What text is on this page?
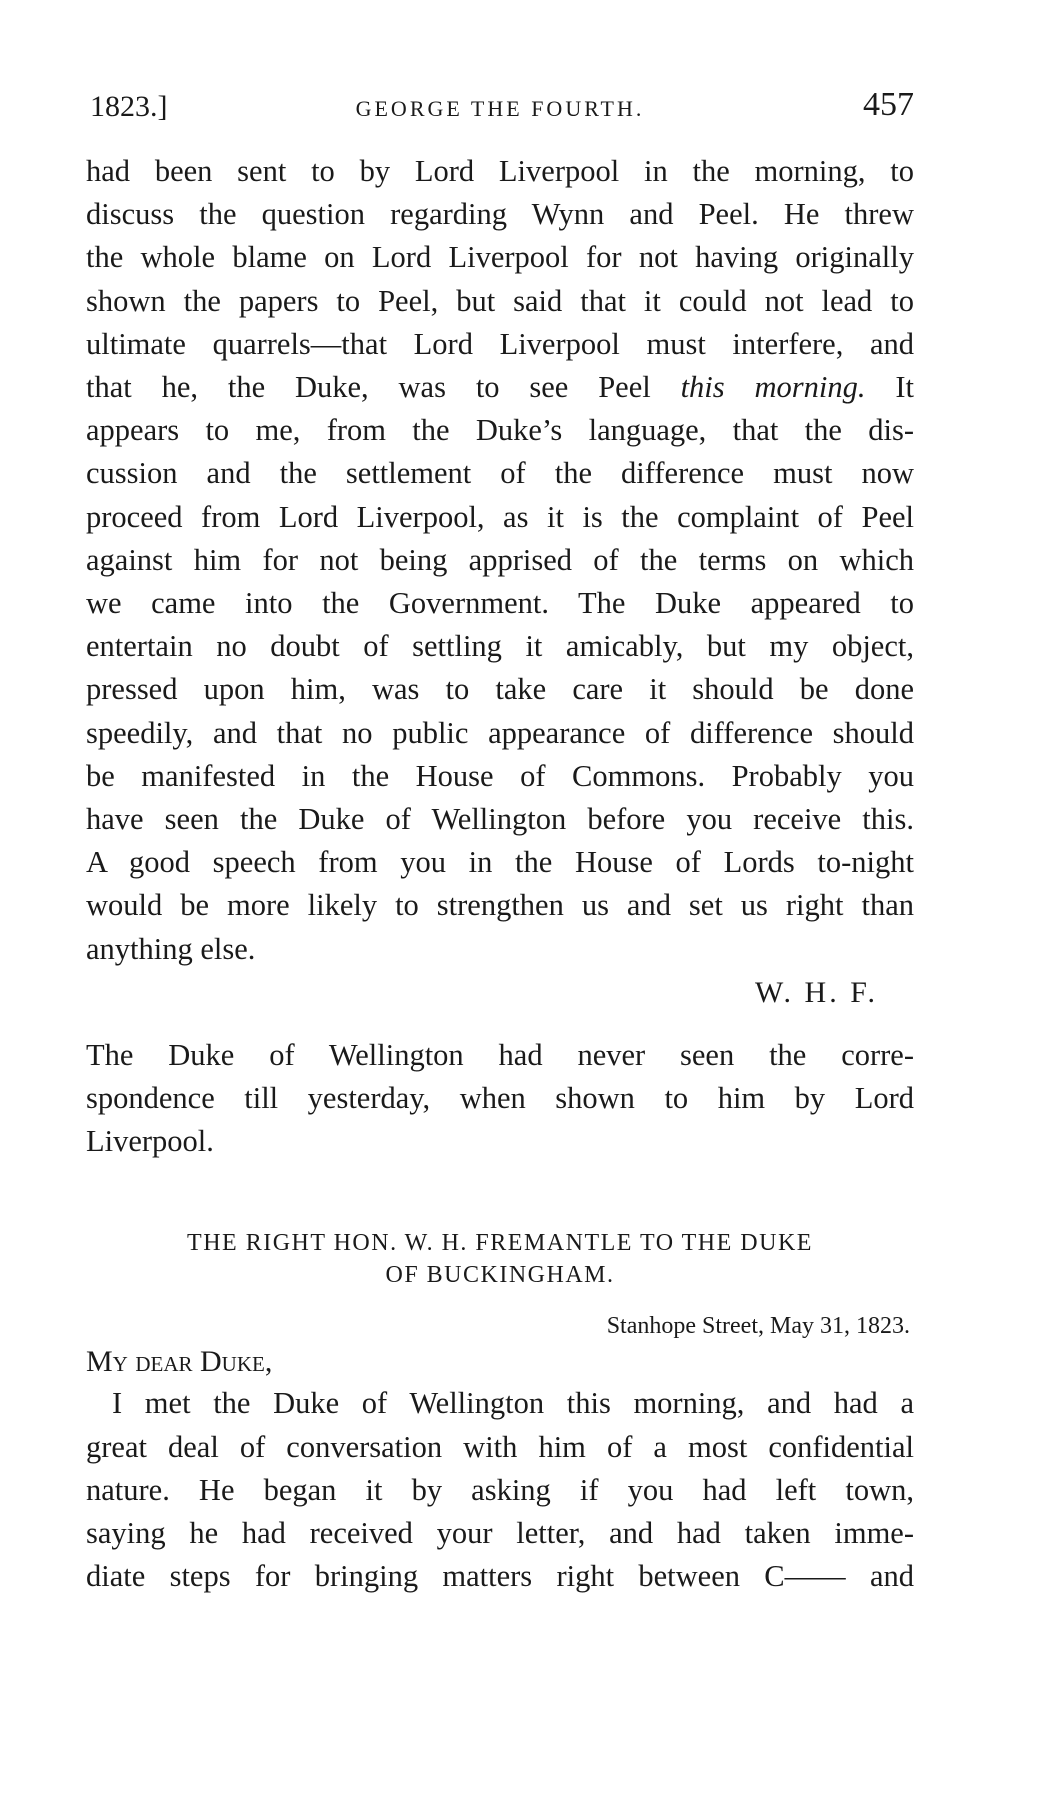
1823.]	GEORGE THE FOURTH.	457
had been sent to by Lord Liverpool in the morning, to
discuss the question regarding Wynn and Peel. He threw
the whole blame on Lord Liverpool for not having originally
shown the papers to Peel, but said that it could not lead to
ultimate quarrels—that Lord Liverpool must interfere, and
that he, the Duke, was to see Peel this morning. It
appears to me, from the Duke’s language, that the dis-
cussion and the settlement of the difference must now
proceed from Lord Liverpool, as it is the complaint of Peel
against him for not being apprised of the terms on which
we came into the Government. The Duke appeared to
entertain no doubt of settling it amicably, but my object,
pressed upon him, was to take care it should be done
speedily, and that no public appearance of difference should
be manifested in the House of Commons. Probably you
have seen the Duke of Wellington before you receive this.
A good speech from you in the House of Lords to-night
would be more likely to strengthen us and set us right than
anything else.
W. H. F.
The Duke of Wellington had never seen the corre-
spondence till yesterday, when shown to him by Lord
Liverpool.
THE RIGHT HON. W. H. FREMANTLE TO THE DUKE
OF BUCKINGHAM.
Stanhope Street, May 31, 1823.
My dear Duke,
I met the Duke of Wellington this morning, and had a
great deal of conversation with him of a most confidential
nature. He began it by asking if you had left town,
saying he had received your letter, and had taken imme-
diate steps for bringing matters right between C—— and
